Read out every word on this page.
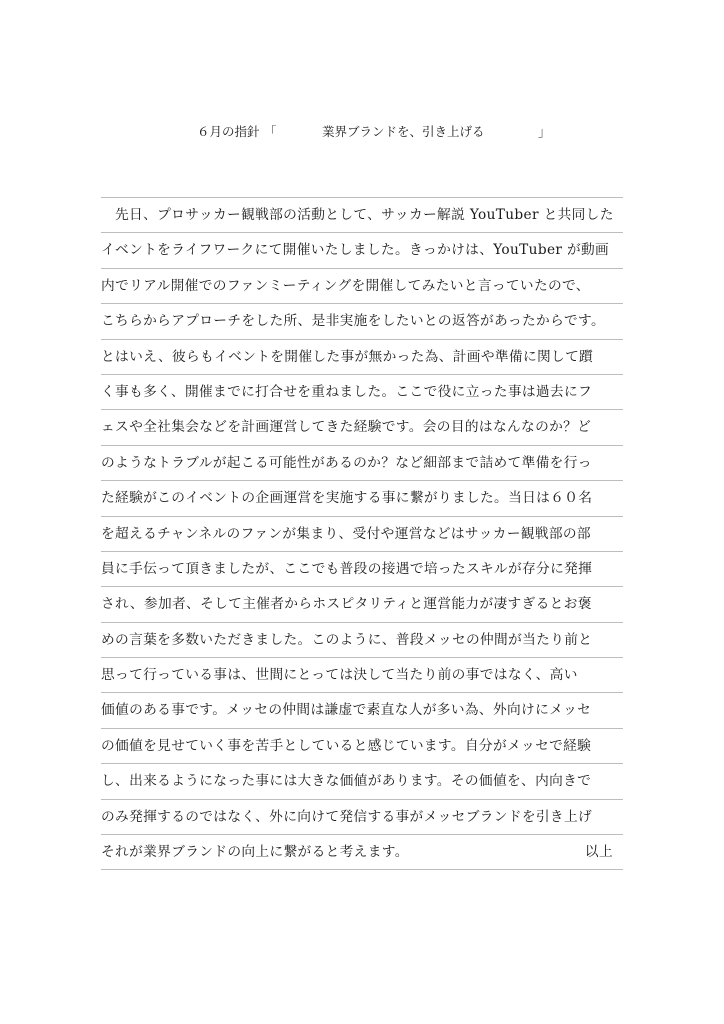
６月の指針 「	業界ブランドを、引き上げる	」
先日、プロサッカー観戦部の活動として、サッカー解説 YouTuber と共同した
イベントをライフワークにて開催いたしました。きっかけは、YouTuber が動画
内でリアル開催でのファンミーティングを開催してみたいと言っていたので、
こちらからアプローチをした所、是非実施をしたいとの返答があったからです。
とはいえ、彼らもイベントを開催した事が無かった為、計画や準備に関して躓
く事も多く、開催までに打合せを重ねました。ここで役に立った事は過去にフ
ェスや全社集会などを計画運営してきた経験です。会の目的はなんなのか？ど
のようなトラブルが起こる可能性があるのか？など細部まで詰めて準備を行っ
た経験がこのイベントの企画運営を実施する事に繋がりました。当日は６０名
を超えるチャンネルのファンが集まり、受付や運営などはサッカー観戦部の部
員に手伝って頂きましたが、ここでも普段の接遇で培ったスキルが存分に発揮
され、参加者、そして主催者からホスピタリティと運営能力が凄すぎるとお褒
めの言葉を多数いただきました。このように、普段メッセの仲間が当たり前と
思って行っている事は、世間にとっては決して当たり前の事ではなく、高い
価値のある事です。メッセの仲間は謙虚で素直な人が多い為、外向けにメッセ
の価値を見せていく事を苦手としていると感じています。自分がメッセで経験
し、出来るようになった事には大きな価値があります。その価値を、内向きで
のみ発揮するのではなく、外に向けて発信する事がメッセブランドを引き上げ
それが業界ブランドの向上に繋がると考えます。	以上
